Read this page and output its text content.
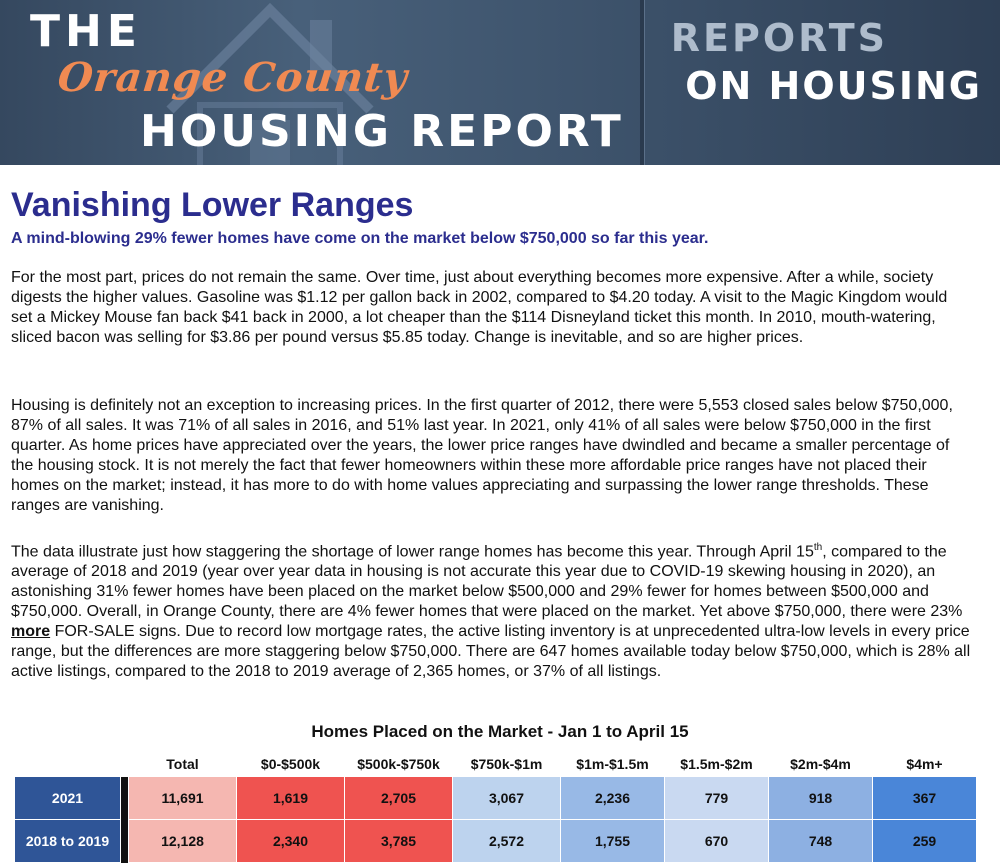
THE
Orange County
HOUSING REPORT
REPORTS
ON HOUSING
Vanishing Lower Ranges
A mind-blowing 29% fewer homes have come on the market below $750,000 so far this year.

For the most part, prices do not remain the same. Over time, just about everything becomes more expensive. After a while, society digests the higher values. Gasoline was $1.12 per gallon back in 2002, compared to $4.20 today. A visit to the Magic Kingdom would set a Mickey Mouse fan back $41 back in 2000, a lot cheaper than the $114 Disneyland ticket this month. In 2010, mouth-watering, sliced bacon was selling for $3.86 per pound versus $5.85 today. Change is inevitable, and so are higher prices.

Housing is definitely not an exception to increasing prices. In the first quarter of 2012, there were 5,553 closed sales below $750,000, 87% of all sales. It was 71% of all sales in 2016, and 51% last year. In 2021, only 41% of all sales were below $750,000 in the first quarter. As home prices have appreciated over the years, the lower price ranges have dwindled and became a smaller percentage of the housing stock. It is not merely the fact that fewer homeowners within these more affordable price ranges have not placed their homes on the market; instead, it has more to do with home values appreciating and surpassing the lower range thresholds. These ranges are vanishing.

The data illustrate just how staggering the shortage of lower range homes has become this year. Through April 15th, compared to the average of 2018 and 2019 (year over year data in housing is not accurate this year due to COVID-19 skewing housing in 2020), an astonishing 31% fewer homes have been placed on the market below $500,000 and 29% fewer for homes between $500,000 and $750,000. Overall, in Orange County, there are 4% fewer homes that were placed on the market. Yet above $750,000, there were 23% more FOR-SALE signs. Due to record low mortgage rates, the active listing inventory is at unprecedented ultra-low levels in every price range, but the differences are more staggering below $750,000. There are 647 homes available today below $750,000, which is 28% all active listings, compared to the 2018 to 2019 average of 2,365 homes, or 37% of all listings.

Homes Placed on the Market - Jan 1 to April 15
		Total	$0-$500k	$500k-$750k	$750k-$1m	$1m-$1.5m	$1.5m-$2m	$2m-$4m	$4m+
2021		11,691	1,619	2,705	3,067	2,236	779	918	367
2018 to 2019		12,128	2,340	3,785	2,572	1,755	670	748	259
